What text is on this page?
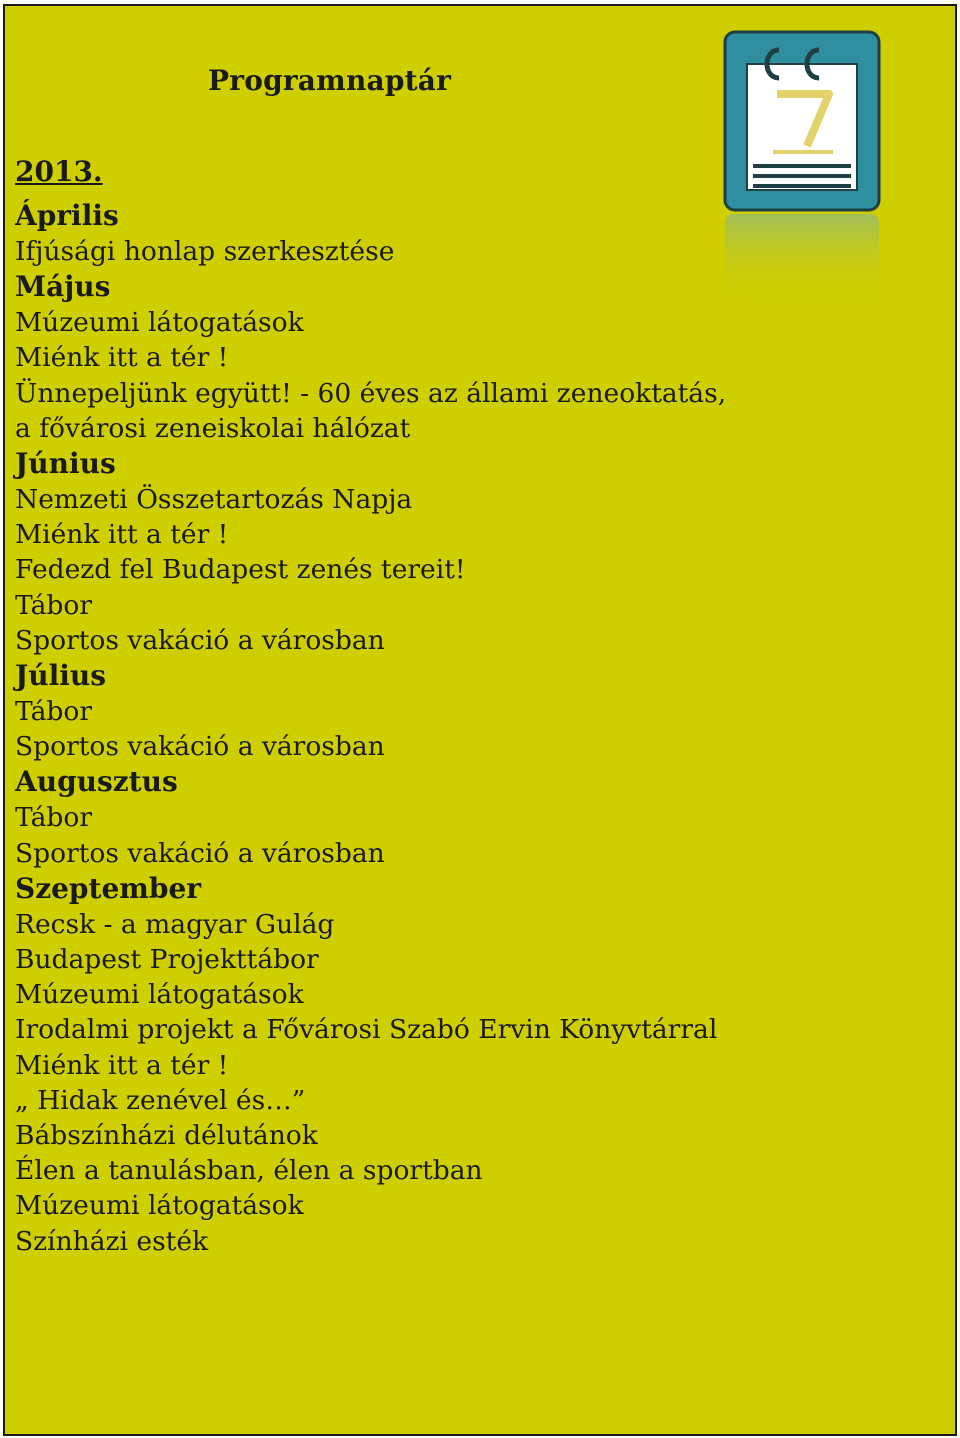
Programnaptár
2013.
Április
Ifjúsági honlap szerkesztése
Május
Múzeumi látogatások
Miénk itt a tér !
Ünnepeljünk együtt! - 60 éves az állami zeneoktatás,
a fővárosi zeneiskolai hálózat
Június
Nemzeti Összetartozás Napja
Miénk itt a tér !
Fedezd fel Budapest zenés tereit!
Tábor
Sportos vakáció a városban
Július
Tábor
Sportos vakáció a városban
Augusztus
Tábor
Sportos vakáció a városban
Szeptember
Recsk - a magyar Gulág
Budapest Projekttábor
Múzeumi látogatások
Irodalmi projekt a Fővárosi Szabó Ervin Könyvtárral
Miénk itt a tér !
„ Hidak zenével és…”
Bábszínházi délutánok
Élen a tanulásban, élen a sportban
Múzeumi látogatások
Színházi esték
